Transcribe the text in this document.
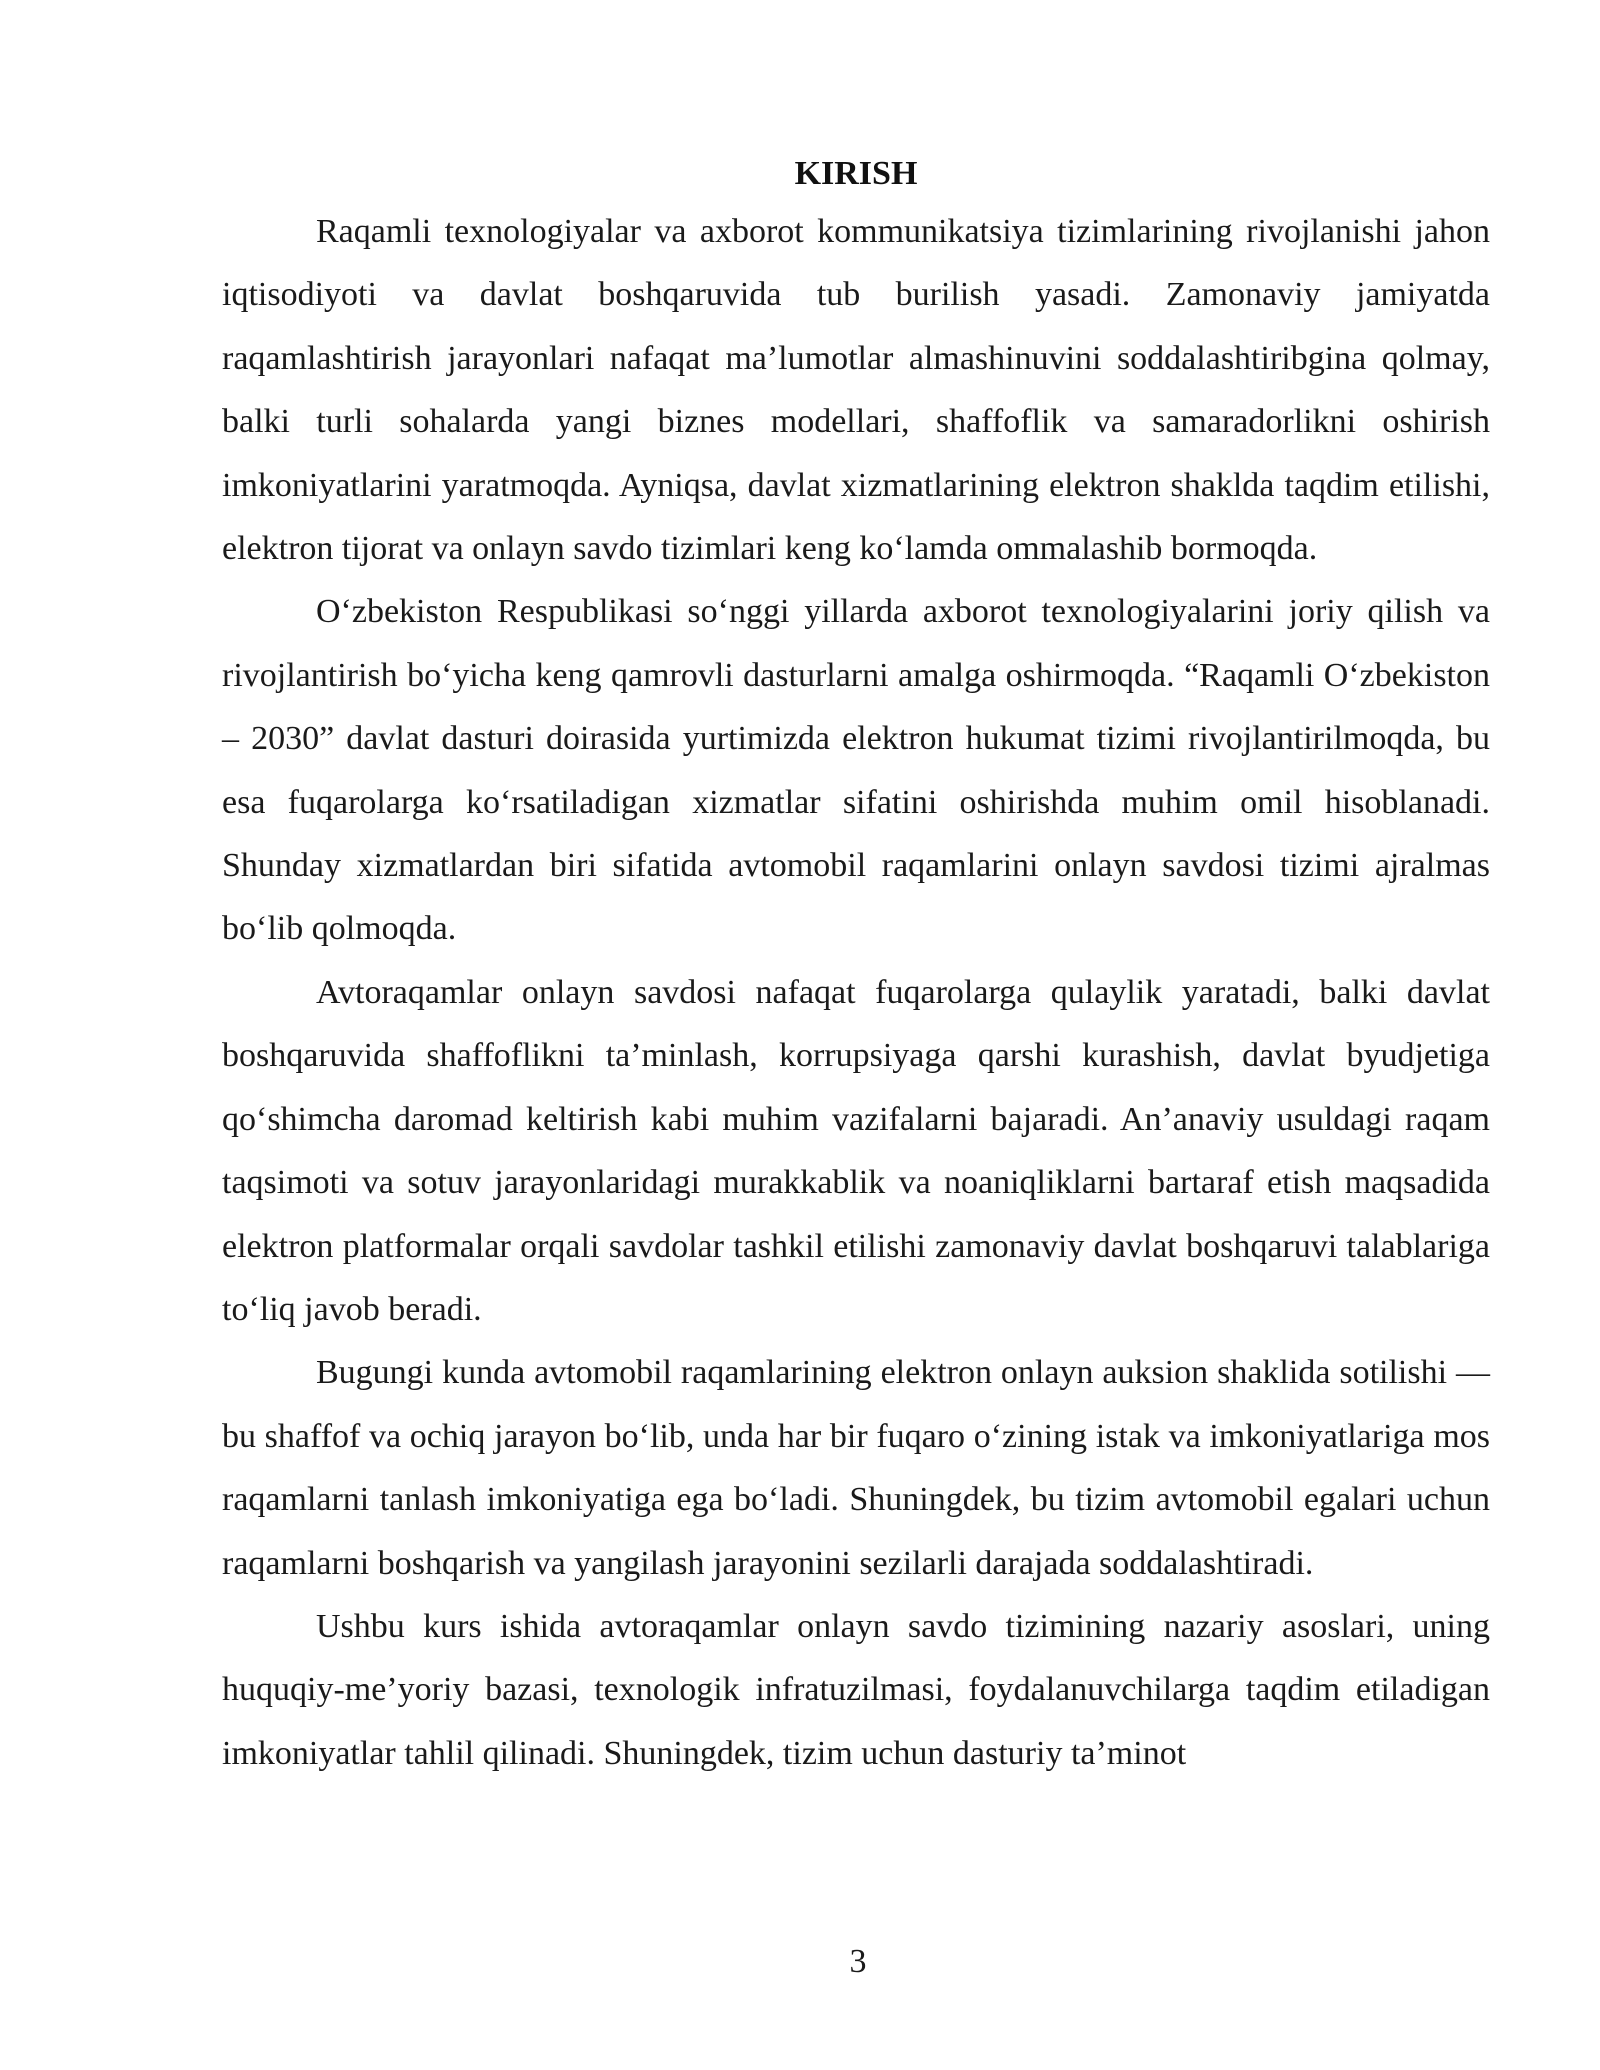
KIRISH

Raqamli texnologiyalar va axborot kommunikatsiya tizimlarining rivojlanishi jahon iqtisodiyoti va davlat boshqaruvida tub burilish yasadi. Zamonaviy jamiyatda raqamlashtirish jarayonlari nafaqat ma’lumotlar almashinuvini soddalashtiribgina qolmay, balki turli sohalarda yangi biznes modellari, shaffoflik va samaradorlikni oshirish imkoniyatlarini yaratmoqda. Ayniqsa, davlat xizmatlarining elektron shaklda taqdim etilishi, elektron tijorat va onlayn savdo tizimlari keng ko‘lamda ommalashib bormoqda.

O‘zbekiston Respublikasi so‘nggi yillarda axborot texnologiyalarini joriy qilish va rivojlantirish bo‘yicha keng qamrovli dasturlarni amalga oshirmoqda. “Raqamli O‘zbekiston – 2030” davlat dasturi doirasida yurtimizda elektron hukumat tizimi rivojlantirilmoqda, bu esa fuqarolarga ko‘rsatiladigan xizmatlar sifatini oshirishda muhim omil hisoblanadi. Shunday xizmatlardan biri sifatida avtomobil raqamlarini onlayn savdosi tizimi ajralmas bo‘lib qolmoqda.

Avtoraqamlar onlayn savdosi nafaqat fuqarolarga qulaylik yaratadi, balki davlat boshqaruvida shaffoflikni ta’minlash, korrupsiyaga qarshi kurashish, davlat byudjetiga qo‘shimcha daromad keltirish kabi muhim vazifalarni bajaradi. An’anaviy usuldagi raqam taqsimoti va sotuv jarayonlaridagi murakkablik va noaniqliklarni bartaraf etish maqsadida elektron platformalar orqali savdolar tashkil etilishi zamonaviy davlat boshqaruvi talablariga to‘liq javob beradi.

Bugungi kunda avtomobil raqamlarining elektron onlayn auksion shaklida sotilishi — bu shaffof va ochiq jarayon bo‘lib, unda har bir fuqaro o‘zining istak va imkoniyatlariga mos raqamlarni tanlash imkoniyatiga ega bo‘ladi. Shuningdek, bu tizim avtomobil egalari uchun raqamlarni boshqarish va yangilash jarayonini sezilarli darajada soddalashtiradi.

Ushbu kurs ishida avtoraqamlar onlayn savdo tizimining nazariy asoslari, uning huquqiy-me’yoriy bazasi, texnologik infratuzilmasi, foydalanuvchilarga taqdim etiladigan imkoniyatlar tahlil qilinadi. Shuningdek, tizim uchun dasturiy ta’minot

3
